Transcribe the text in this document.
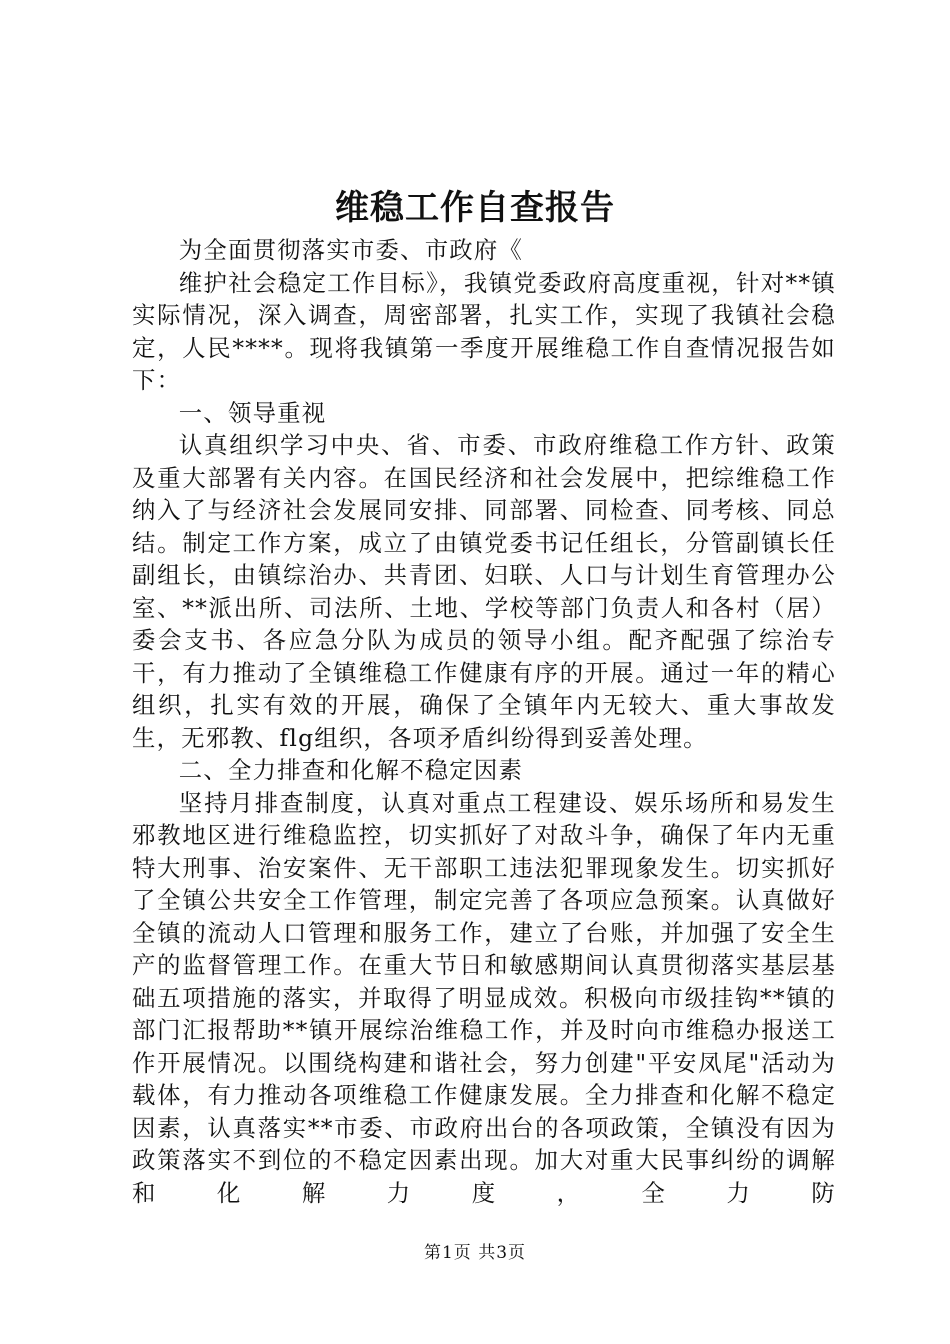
维稳工作自查报告

为全面贯彻落实市委、市政府《

维护社会稳定工作目标》，我镇党委政府高度重视，针对**镇实际情况，深入调查，周密部署，扎实工作，实现了我镇社会稳定，人民****。现将我镇第一季度开展维稳工作自查情况报告如下：

一、领导重视

认真组织学习中央、省、市委、市政府维稳工作方针、政策及重大部署有关内容。在国民经济和社会发展中，把综维稳工作纳入了与经济社会发展同安排、同部署、同检查、同考核、同总结。制定工作方案，成立了由镇党委书记任组长，分管副镇长任副组长，由镇综治办、共青团、妇联、人口与计划生育管理办公室、**派出所、司法所、土地、学校等部门负责人和各村（居）委会支书、各应急分队为成员的领导小组。配齐配强了综治专干，有力推动了全镇维稳工作健康有序的开展。通过一年的精心组织，扎实有效的开展，确保了全镇年内无较大、重大事故发生，无邪教、flg组织，各项矛盾纠纷得到妥善处理。

二、全力排查和化解不稳定因素

坚持月排查制度，认真对重点工程建设、娱乐场所和易发生邪教地区进行维稳监控，切实抓好了对敌斗争，确保了年内无重特大刑事、治安案件、无干部职工违法犯罪现象发生。切实抓好了全镇公共安全工作管理，制定完善了各项应急预案。认真做好全镇的流动人口管理和服务工作，建立了台账，并加强了安全生产的监督管理工作。在重大节日和敏感期间认真贯彻落实基层基础五项措施的落实，并取得了明显成效。积极向市级挂钩**镇的部门汇报帮助**镇开展综治维稳工作，并及时向市维稳办报送工作开展情况。以围绕构建和谐社会，努力创建"平安凤尾"活动为载体，有力推动各项维稳工作健康发展。全力排查和化解不稳定因素，认真落实**市委、市政府出台的各项政策，全镇没有因为政策落实不到位的不稳定因素出现。加大对重大民事纠纷的调解和化解力度，全力防

第1页 共3页
